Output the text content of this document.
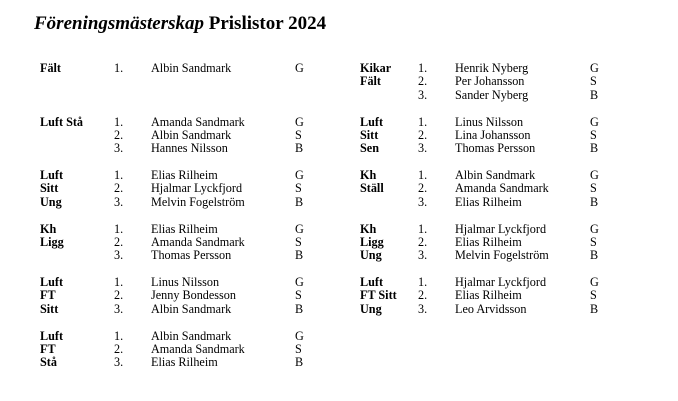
Föreningsmästerskap Prislistor 2024
Fält	1. Albin Sandmark	G
Luft Stå	1. Amanda Sandmark	G
2. Albin Sandmark	S
3. Hannes Nilsson	B
Luft
Sitt
Ung
1. Elias Rilheim	G
2. Hjalmar Lyckfjord	S
3. Melvin Fogelström	B
Kh
Ligg
1. Elias Rilheim	G
2. Amanda Sandmark	S
3. Thomas Persson	B
Luft
FT
Sitt
1. Linus Nilsson	G
2. Jenny Bondesson	S
3. Albin Sandmark	B
Luft
FT
Stå
1. Albin Sandmark	G
2. Amanda Sandmark	S
3. Elias Rilheim	B
Kikar
Fält
1. Henrik Nyberg	G
2. Per Johansson	S
3. Sander Nyberg	B
Luft
Sitt
Sen
1. Linus Nilsson	G
2. Lina Johansson	S
3. Thomas Persson	B
Kh
Ställ
1. Albin Sandmark	G
2. Amanda Sandmark	S
3. Elias Rilheim	B
Kh
Ligg
Ung
1. Hjalmar Lyckfjord	G
2. Elias Rilheim	S
3. Melvin Fogelström	B
Luft
FT Sitt
Ung
1. Hjalmar Lyckfjord	G
2. Elias Rilheim	S
3. Leo Arvidsson	B
